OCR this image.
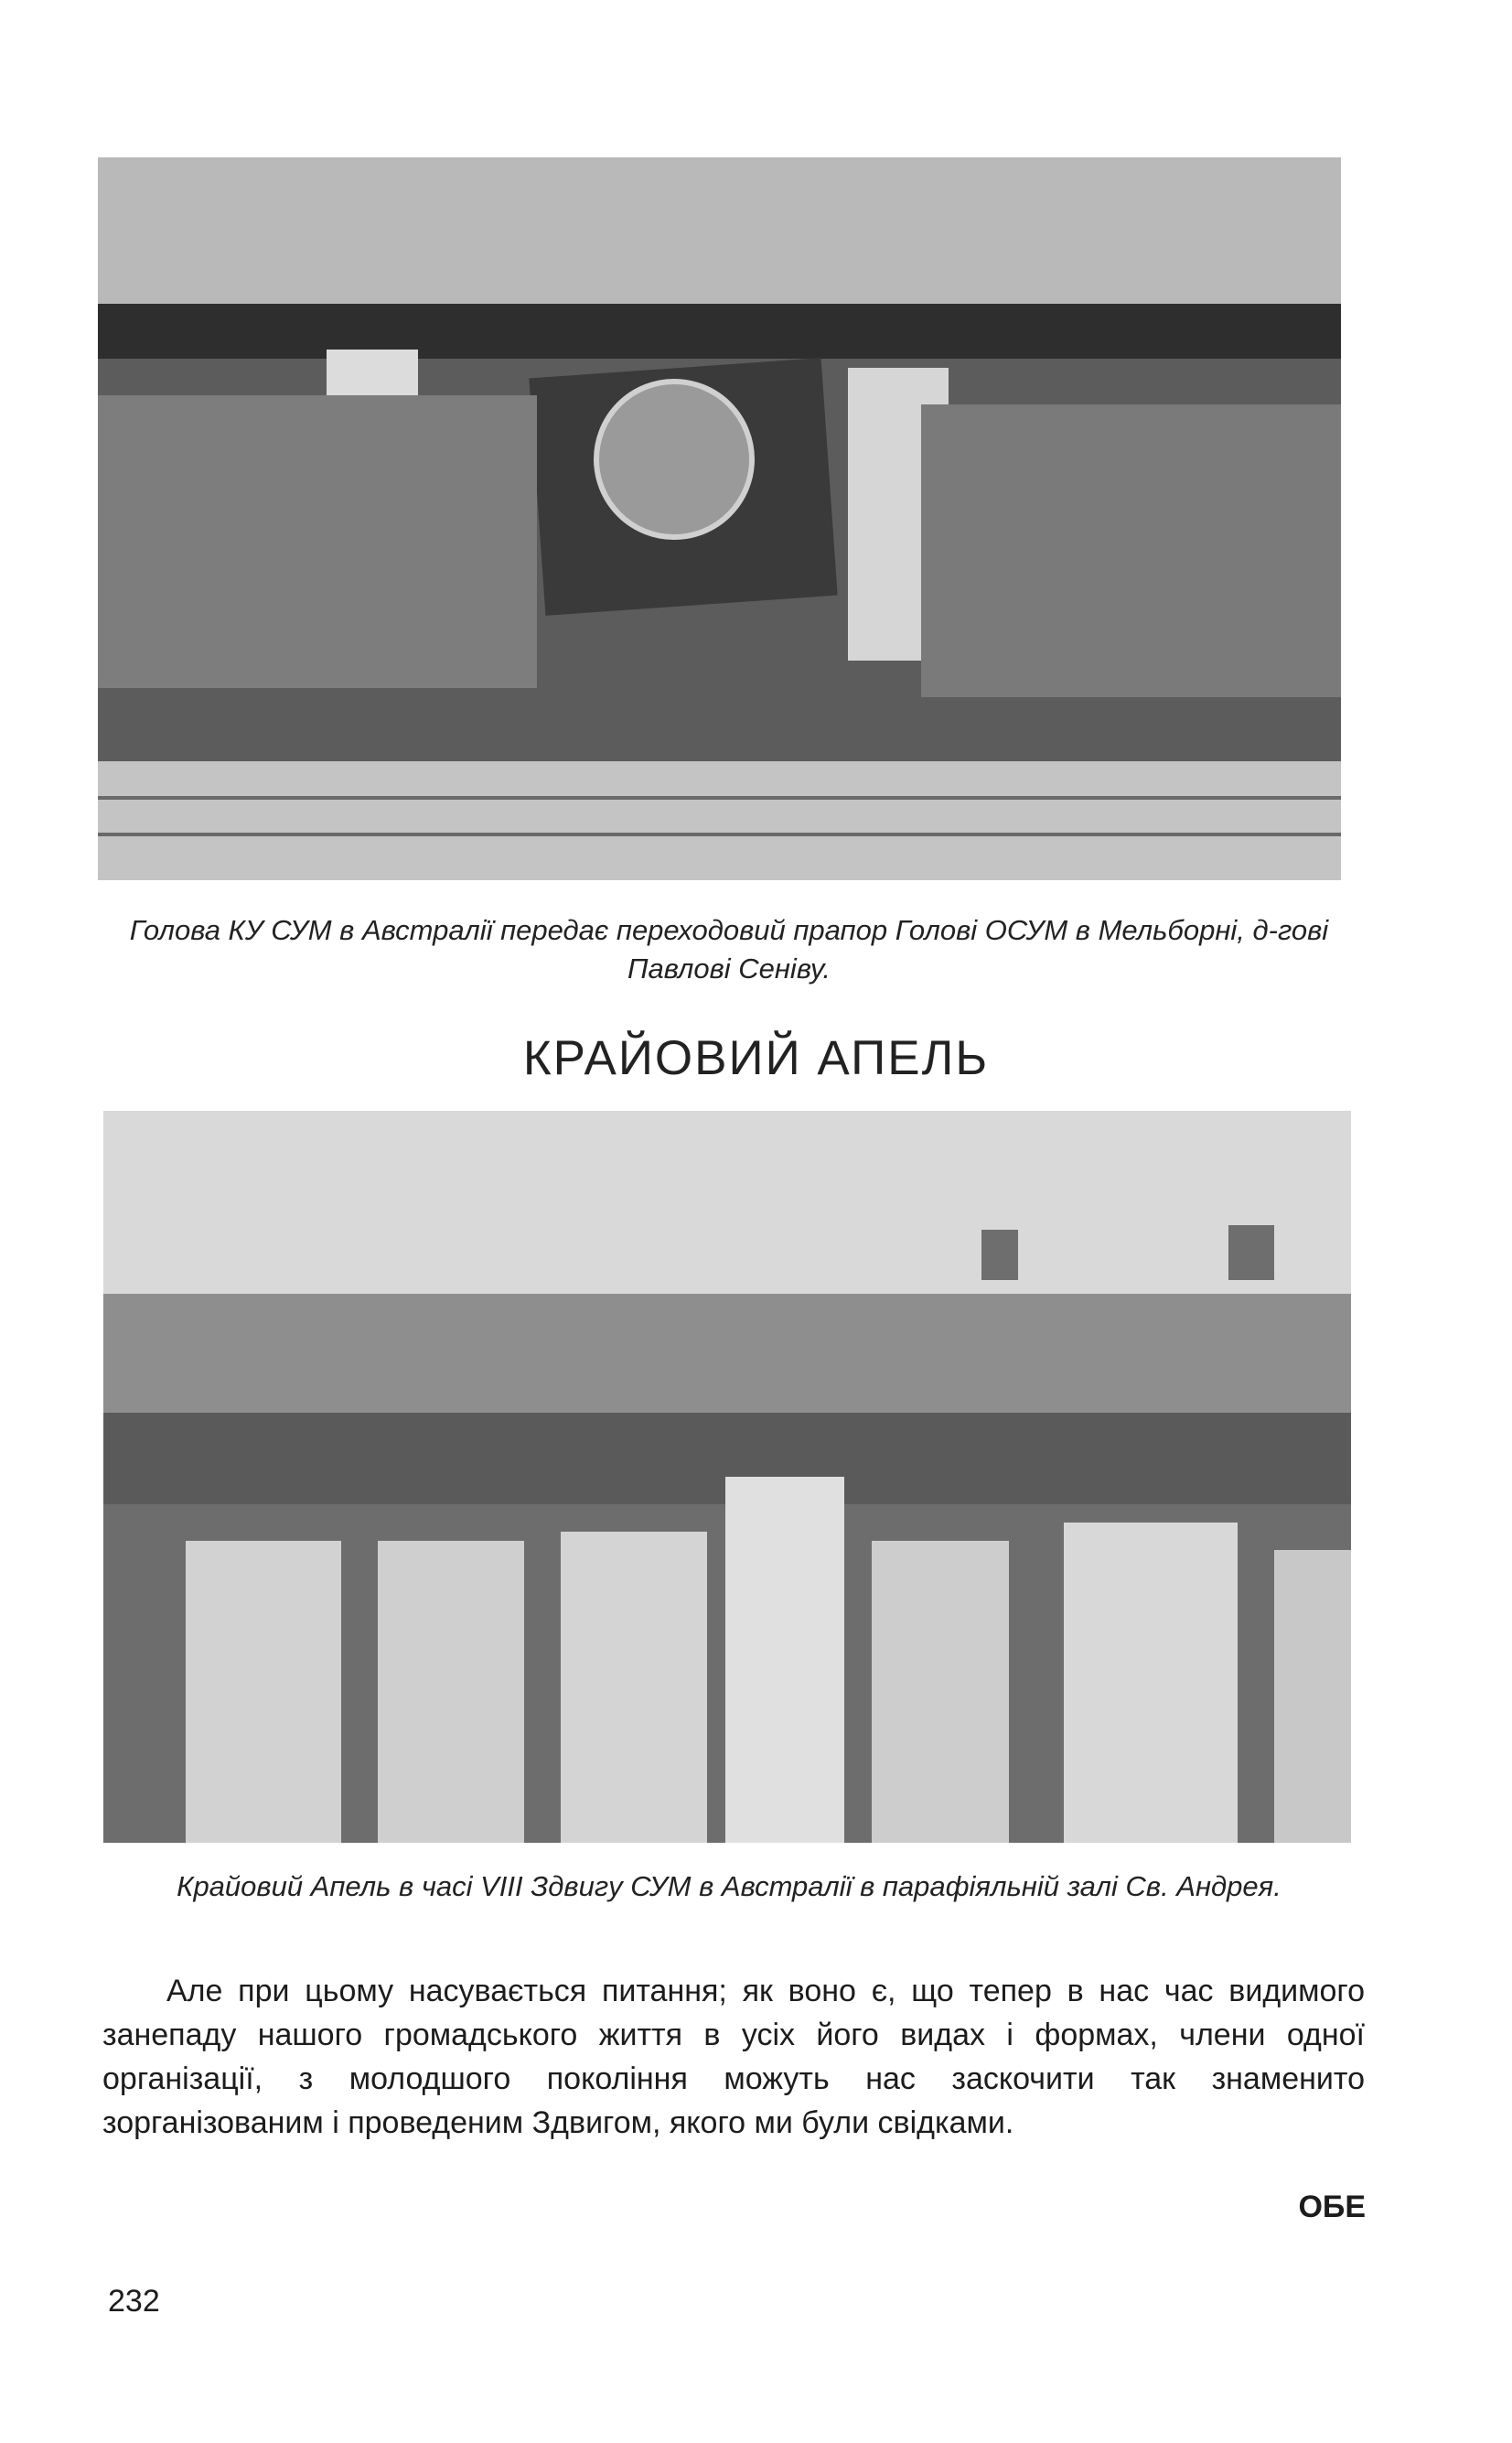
Голова КУ СУМ в Австралії передає переходовий прапор Голові ОСУМ в Мельборні, д-гові Павлові Сеніву.
КРАЙОВИЙ АПЕЛЬ
Крайовий Апель в часі VIII Здвигу СУМ в Австралії в парафіяльній залі Св. Андрея.
Але при цьому насувається питання; як воно є, що тепер в нас час видимого занепаду нашого громадського життя в усіх його видах і формах, члени одної організації, з молодшого покоління можуть нас заскочити так знаменито зорганізованим і проведеним Здвигом, якого ми були свідками.
ОБЕ
232
